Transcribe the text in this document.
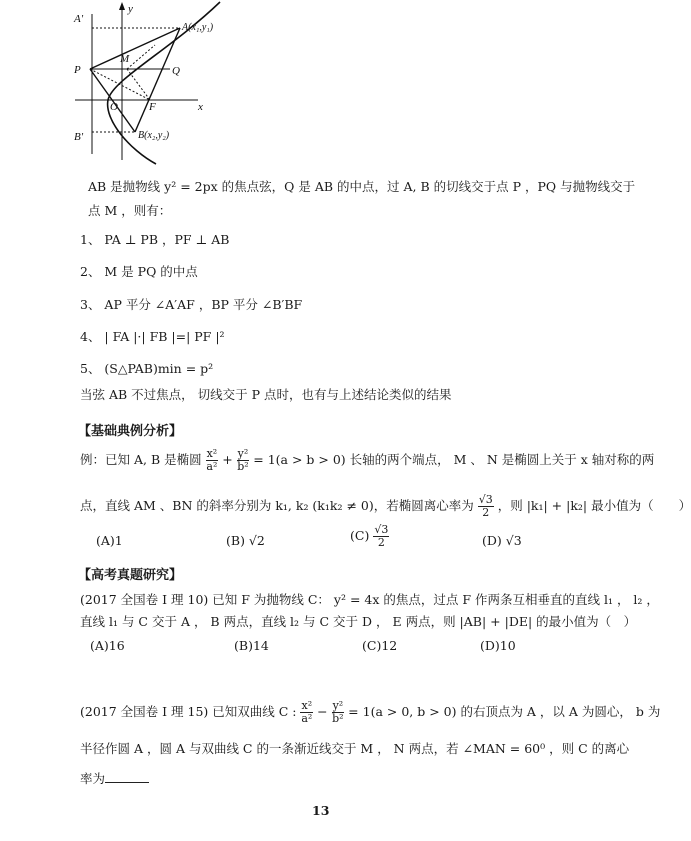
A'
y
A(x₁,y₁)
P
M
Q
O	F	x
B'	B(x₂,y₂)
AB 是抛物线 y² = 2px 的焦点弦，Q 是 AB 的中点，过 A, B 的切线交于点 P ，PQ 与抛物线交于
点 M ，则有：
1、 PA ⊥ PB ，PF ⊥ AB
2、 M 是 PQ 的中点
3、 AP 平分 ∠A′AF ，BP 平分 ∠B′BF
4、 | FA |·| FB |=| PF |²
5、 (S△PAB)min = p²
当弦 AB 不过焦点， 切线交于 P 点时，也有与上述结论类似的结果
【基础典例分析】
例：已知 A, B 是椭圆 $\frac{\text{x²}}{\text{a²}} + \frac{\text{y²}}{\text{b²}} = 1(a > b > 0)$ 长轴的两个端点， M 、 N 是椭圆上关于 x 轴对称的两
点，直线 AM 、BN 的斜率分别为 k₁, k₂ (k₁k₂ ≠ 0)，若椭圆离心率为 $\frac{√3}{2}$ ，则 |k₁| + |k₂| 最小值为（　　）
(A)1	(B) √2	$(C) \frac{√3}{2}$	(D) √3
【高考真题研究】
(2017 全国卷 I 理 10) 已知 F 为抛物线 C： y² = 4x 的焦点，过点 F 作两条互相垂直的直线 l₁ ， l₂ ，
直线 l₁ 与 C 交于 A ， B 两点，直线 l₂ 与 C 交于 D ， E 两点，则 |AB| + |DE| 的最小值为（　）
(A)16	(B)14	(C)12	(D)10
(2017 全国卷 I 理 15) 已知双曲线 C : $\frac{\text{x²}}{\text{a²}} - \frac{\text{y²}}{\text{b²}} = 1(a > 0$, b > 0) 的右顶点为 A ，以 A 为圆心， b 为
半径作圆 A ，圆 A 与双曲线 C 的一条渐近线交于 M ， N 两点，若 ∠MAN = 60⁰ ，则 C 的离心
率为
13
